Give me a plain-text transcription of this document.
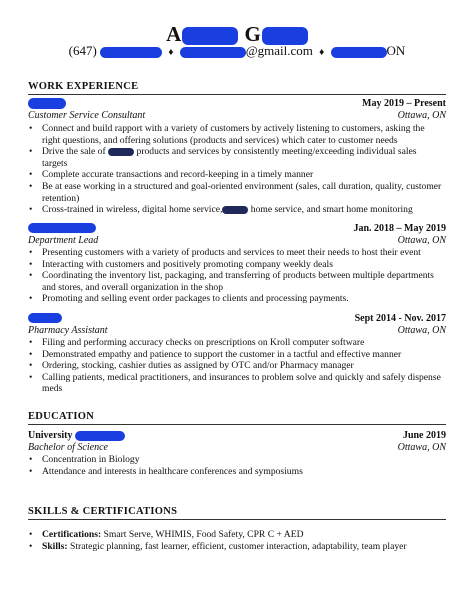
A	G
(647)	♦	@gmail.com ♦	ON
WORK EXPERIENCE
May 2019 – Present
Customer Service Consultant	Ottawa, ON
• Connect and build rapport with a variety of customers by actively listening to customers, asking the right questions, and offering solutions (products and services) which cater to customer needs
• Drive the sale of	products and services by consistently meeting/exceeding individual sales targets
• Complete accurate transactions and record-keeping in a timely manner
• Be at ease working in a structured and goal-oriented environment (sales, call duration, quality, customer retention)
• Cross-trained in wireless, digital home service,	home service, and smart home monitoring
Jan. 2018 – May 2019
Department Lead	Ottawa, ON
• Presenting customers with a variety of products and services to meet their needs to host their event
• Interacting with customers and positively promoting company weekly deals
• Coordinating the inventory list, packaging, and transferring of products between multiple departments and stores, and overall organization in the shop
• Promoting and selling event order packages to clients and processing payments.
Sept 2014 - Nov. 2017
Pharmacy Assistant	Ottawa, ON
• Filing and performing accuracy checks on prescriptions on Kroll computer software
• Demonstrated empathy and patience to support the customer in a tactful and effective manner
• Ordering, stocking, cashier duties as assigned by OTC and/or Pharmacy manager
• Calling patients, medical practitioners, and insurances to problem solve and quickly and safely dispense meds
EDUCATION
University	June 2019
Bachelor of Science	Ottawa, ON
• Concentration in Biology
• Attendance and interests in healthcare conferences and symposiums
SKILLS & CERTIFICATIONS
• Certifications: Smart Serve, WHIMIS, Food Safety, CPR C + AED
• Skills: Strategic planning, fast learner, efficient, customer interaction, adaptability, team player
